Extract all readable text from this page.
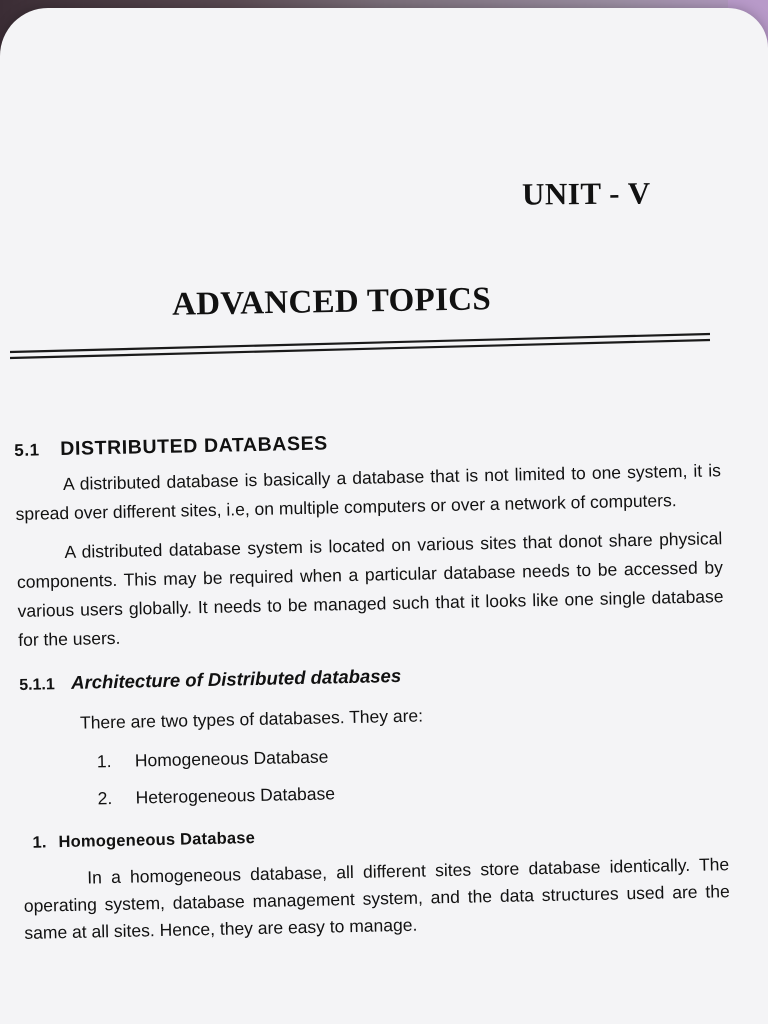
UNIT - V
ADVANCED TOPICS
5.1 DISTRIBUTED DATABASES

A distributed database is basically a database that is not limited to one system, it is spread over different sites, i.e, on multiple computers or over a network of computers.

A distributed database system is located on various sites that donot share physical components. This may be required when a particular database needs to be accessed by various users globally. It needs to be managed such that it looks like one single database for the users.

5.1.1 Architecture of Distributed databases
There are two types of databases. They are:
1.	Homogeneous Database
2.	Heterogeneous Database
1. Homogeneous Database

In a homogeneous database, all different sites store database identically. The operating system, database management system, and the data structures used are the same at all sites. Hence, they are easy to manage.
